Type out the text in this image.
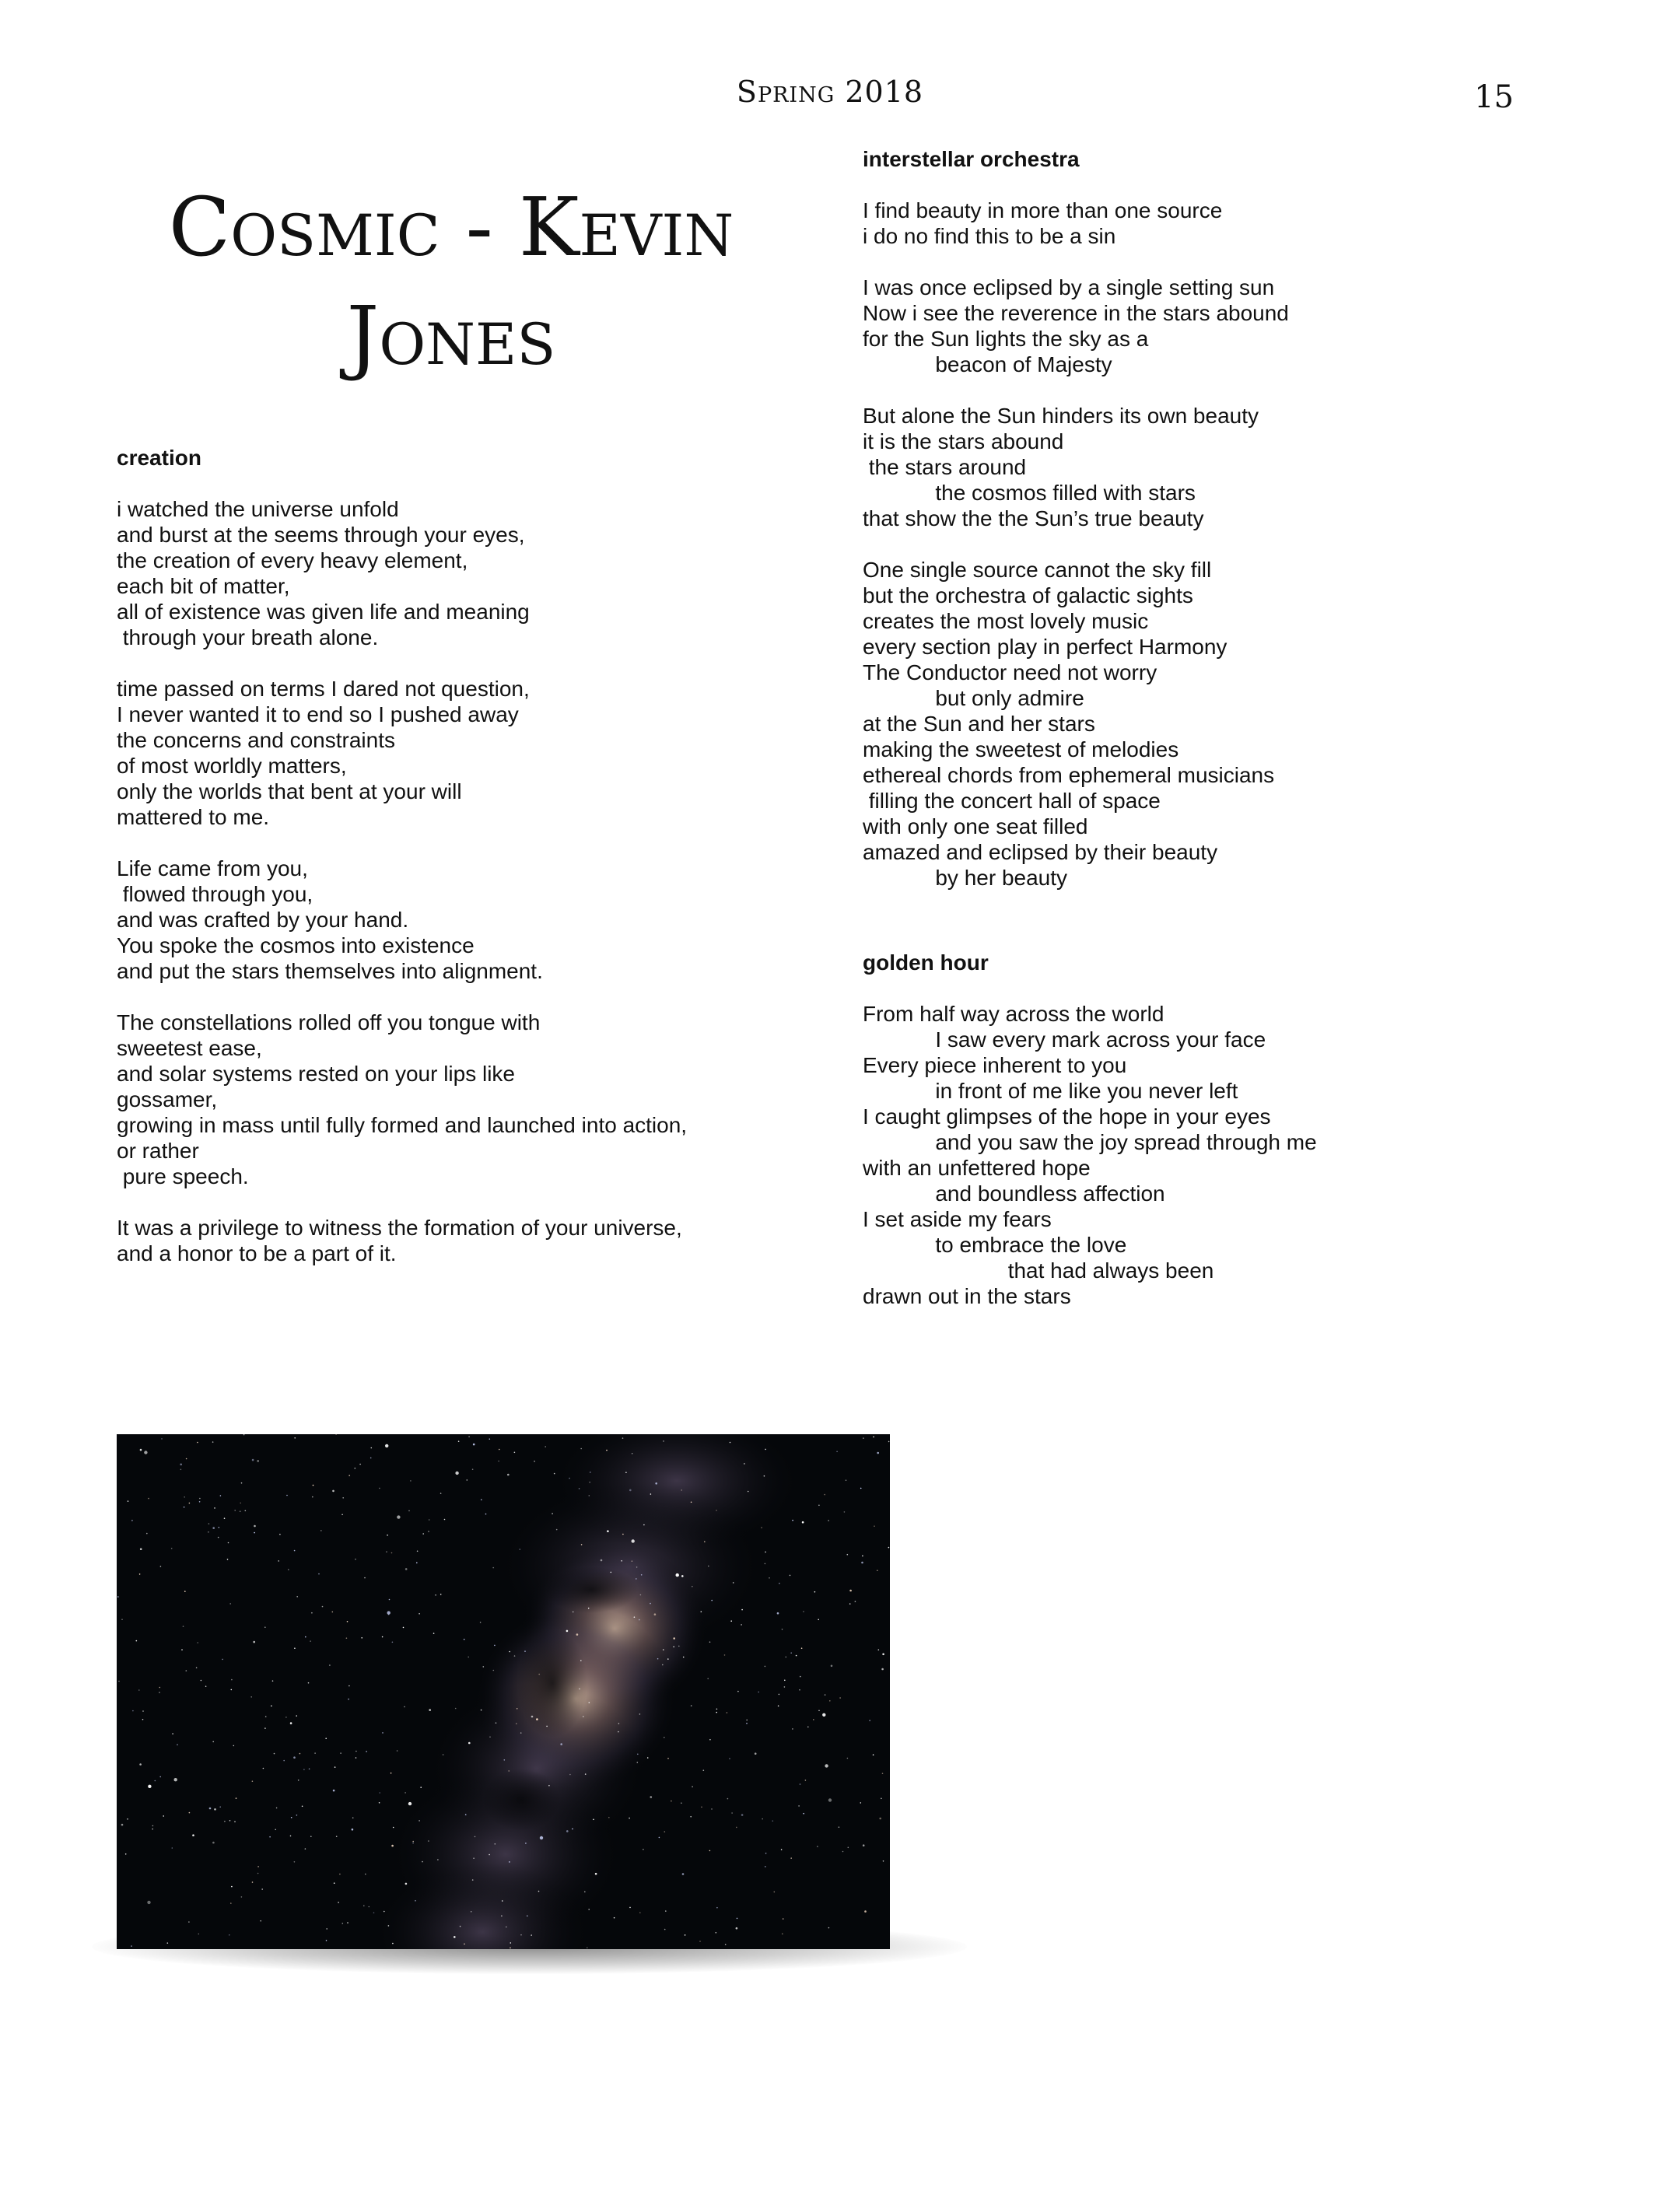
Spring 2018	15
Cosmic - Kevin Jones
creation

i watched the universe unfold
and burst at the seems through your eyes,
the creation of every heavy element,
each bit of matter,
all of existence was given life and meaning
through your breath alone.

time passed on terms I dared not question,
I never wanted it to end so I pushed away
the concerns and constraints
of most worldly matters,
only the worlds that bent at your will
mattered to me.

Life came from you,
flowed through you,
and was crafted by your hand.
You spoke the cosmos into existence
and put the stars themselves into alignment.

The constellations rolled off you tongue with
sweetest ease,
and solar systems rested on your lips like
gossamer,
growing in mass until fully formed and launched into action,
or rather
pure speech.

It was a privilege to witness the formation of your universe,
and a honor to be a part of it.

interstellar orchestra

I find beauty in more than one source
i do no find this to be a sin

I was once eclipsed by a single setting sun
Now i see the reverence in the stars abound
for the Sun lights the sky as a
beacon of Majesty

But alone the Sun hinders its own beauty
it is the stars abound
the stars around
the cosmos filled with stars
that show the the Sun’s true beauty

One single source cannot the sky fill
but the orchestra of galactic sights
creates the most lovely music
every section play in perfect Harmony
The Conductor need not worry
but only admire
at the Sun and her stars
making the sweetest of melodies
ethereal chords from ephemeral musicians
filling the concert hall of space
with only one seat filled
amazed and eclipsed by their beauty
by her beauty

golden hour

From half way across the world
I saw every mark across your face
Every piece inherent to you
in front of me like you never left
I caught glimpses of the hope in your eyes
and you saw the joy spread through me
with an unfettered hope
and boundless affection
I set aside my fears
to embrace the love
that had always been
drawn out in the stars
